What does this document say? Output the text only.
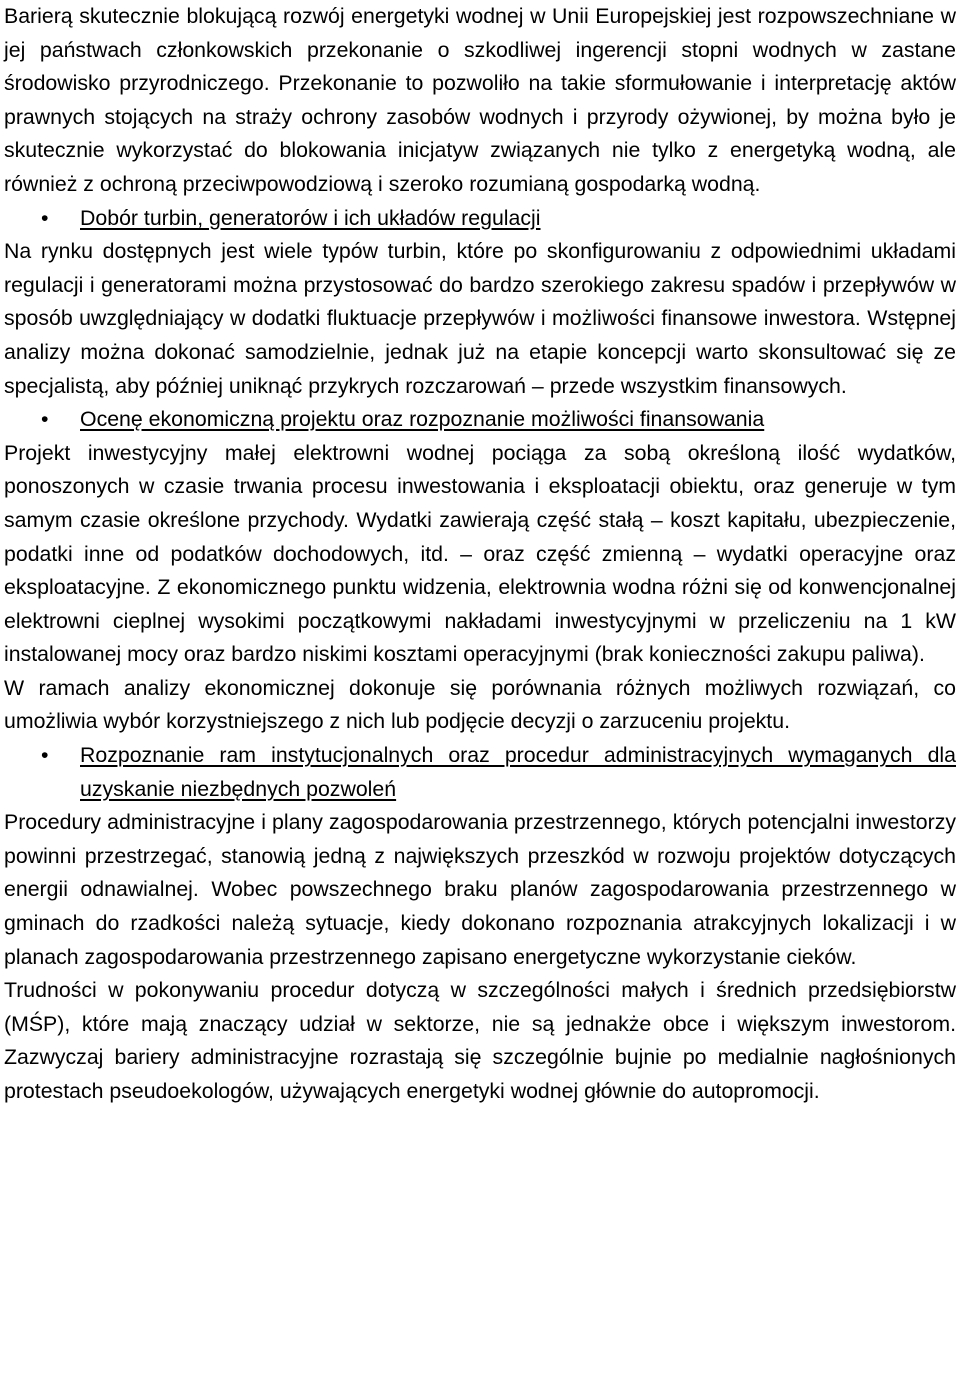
Barierą skutecznie blokującą rozwój energetyki wodnej w Unii Europejskiej jest rozpowszechniane w jej państwach członkowskich przekonanie o szkodliwej ingerencji stopni wodnych w zastane środowisko przyrodniczego. Przekonanie to pozwoliło na takie sformułowanie i interpretację aktów prawnych stojących na straży ochrony zasobów wodnych i przyrody ożywionej, by można było je skutecznie wykorzystać do blokowania inicjatyw związanych nie tylko z energetyką wodną, ale również z ochroną przeciwpowodziową i szeroko rozumianą gospodarką wodną.

•	Dobór turbin, generatorów i ich układów regulacji

Na rynku dostępnych jest wiele typów turbin, które po skonfigurowaniu z odpowiednimi układami regulacji i generatorami można przystosować do bardzo szerokiego zakresu spadów i przepływów w sposób uwzględniający w dodatki fluktuacje przepływów i możliwości finansowe inwestora. Wstępnej analizy można dokonać samodzielnie, jednak już na etapie koncepcji warto skonsultować się ze specjalistą, aby później uniknąć przykrych rozczarowań – przede wszystkim finansowych.

•	Ocenę ekonomiczną projektu oraz rozpoznanie możliwości finansowania

Projekt inwestycyjny małej elektrowni wodnej pociąga za sobą określoną ilość wydatków, ponoszonych w czasie trwania procesu inwestowania i eksploatacji obiektu, oraz generuje w tym samym czasie określone przychody. Wydatki zawierają część stałą – koszt kapitału, ubezpieczenie, podatki inne od podatków dochodowych, itd. – oraz część zmienną – wydatki operacyjne oraz eksploatacyjne. Z ekonomicznego punktu widzenia, elektrownia wodna różni się od konwencjonalnej elektrowni cieplnej wysokimi początkowymi nakładami inwestycyjnymi w przeliczeniu na 1 kW instalowanej mocy oraz bardzo niskimi kosztami operacyjnymi (brak konieczności zakupu paliwa).

W ramach analizy ekonomicznej dokonuje się porównania różnych możliwych rozwiązań, co umożliwia wybór korzystniejszego z nich lub podjęcie decyzji o zarzuceniu projektu.

•	Rozpoznanie ram instytucjonalnych oraz procedur administracyjnych wymaganych dla uzyskanie niezbędnych pozwoleń

Procedury administracyjne i plany zagospodarowania przestrzennego, których potencjalni inwestorzy powinni przestrzegać, stanowią jedną z największych przeszkód w rozwoju projektów dotyczących energii odnawialnej. Wobec powszechnego braku planów zagospodarowania przestrzennego w gminach do rzadkości należą sytuacje, kiedy dokonano rozpoznania atrakcyjnych lokalizacji i w planach zagospodarowania przestrzennego zapisano energetyczne wykorzystanie cieków.

Trudności w pokonywaniu procedur dotyczą w szczególności małych i średnich przedsiębiorstw (MŚP), które mają znaczący udział w sektorze, nie są jednakże obce i większym inwestorom. Zazwyczaj bariery administracyjne rozrastają się szczególnie bujnie po medialnie nagłośnionych protestach pseudoekologów, używających energetyki wodnej głównie do autopromocji.
